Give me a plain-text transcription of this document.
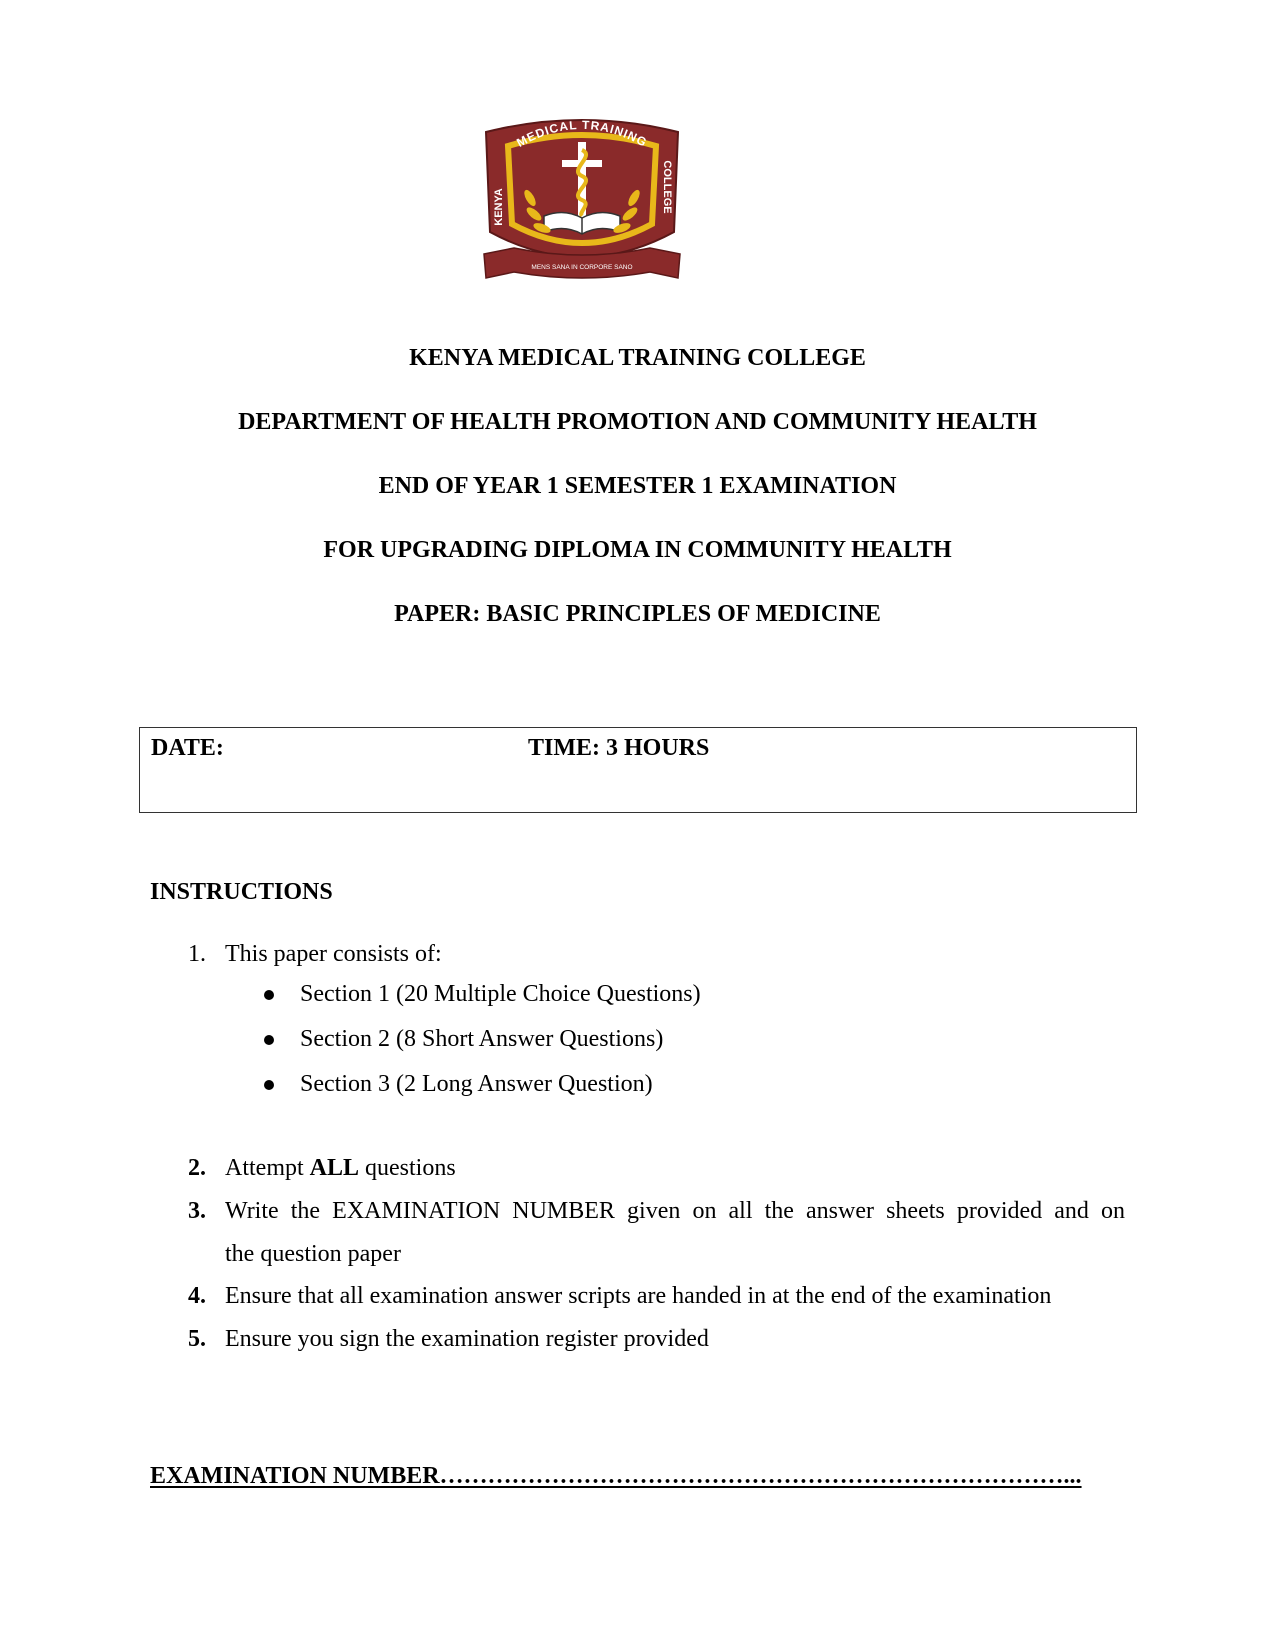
MEDICAL TRAINING
KENYA	COLLEGE
MENS SANA IN CORPORE SANO
KENYA MEDICAL TRAINING COLLEGE
DEPARTMENT OF HEALTH PROMOTION AND COMMUNITY HEALTH
END OF YEAR 1 SEMESTER 1 EXAMINATION
FOR UPGRADING DIPLOMA IN COMMUNITY HEALTH
PAPER: BASIC PRINCIPLES OF MEDICINE
DATE:	TIME: 3 HOURS
INSTRUCTIONS
1. This paper consists of:
Section 1 (20 Multiple Choice Questions)
Section 2 (8 Short Answer Questions)
Section 3 (2 Long Answer Question)
2. Attempt ALL questions
3. Write the EXAMINATION NUMBER given on all the answer sheets provided and on
the question paper
4. Ensure that all examination answer scripts are handed in at the end of the examination
5. Ensure you sign the examination register provided
EXAMINATION NUMBER……………………………………………………………………...
